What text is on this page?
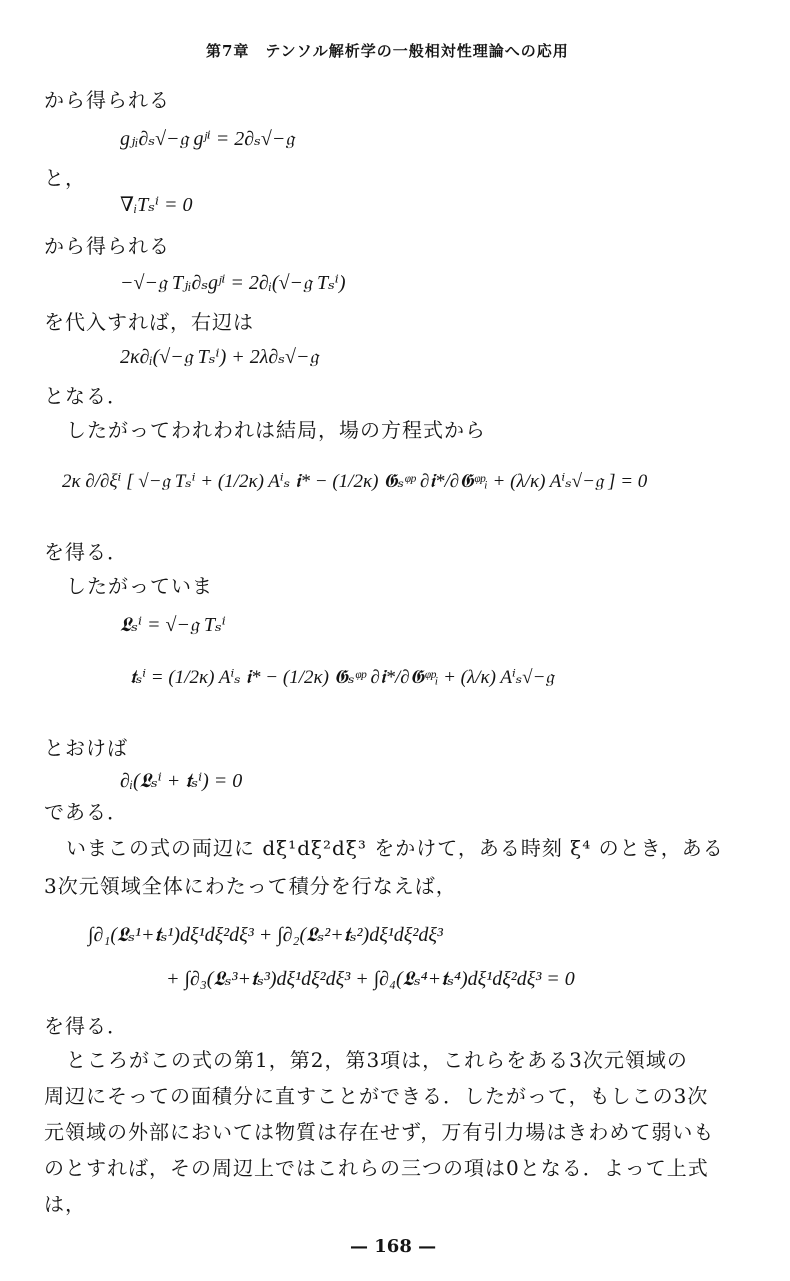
第7章　テンソル解析学の一般相対性理論への応用
から得られる
gⱼᵢ∂ₛ√−𝔤 gʲⁱ = 2∂ₛ√−𝔤
と，
∇ᵢTₛⁱ = 0
から得られる
−√−𝔤 Tⱼᵢ∂ₛgʲⁱ = 2∂ᵢ(√−𝔤 Tₛⁱ)
を代入すれば，右辺は
2κ∂ᵢ(√−𝔤 Tₛⁱ) + 2λ∂ₛ√−𝔤
となる．
したがってわれわれは結局，場の方程式から
2κ ∂/∂ξⁱ [ √−𝔤 Tₛⁱ + (1/2κ) Aⁱₛ 𝖎* − (1/2κ) 𝕲ₛᵠᵖ ∂𝖎*/∂𝕲ᵠᵖᵢ + (λ/κ) Aⁱₛ√−𝔤 ] = 0
を得る．
したがっていま
𝕷ₛⁱ = √−𝔤 Tₛⁱ
𝖙ₛⁱ = (1/2κ) Aⁱₛ 𝖎* − (1/2κ) 𝕲ₛᵠᵖ ∂𝖎*/∂𝕲ᵠᵖᵢ + (λ/κ) Aⁱₛ√−𝔤
とおけば
∂ᵢ(𝕷ₛⁱ + 𝖙ₛⁱ) = 0
である．
いまこの式の両辺に dξ¹dξ²dξ³ をかけて，ある時刻 ξ⁴ のとき，ある
3次元領域全体にわたって積分を行なえば，
∫∂₁(𝕷ₛ¹+𝖙ₛ¹)dξ¹dξ²dξ³ + ∫∂₂(𝕷ₛ²+𝖙ₛ²)dξ¹dξ²dξ³
+ ∫∂₃(𝕷ₛ³+𝖙ₛ³)dξ¹dξ²dξ³ + ∫∂₄(𝕷ₛ⁴+𝖙ₛ⁴)dξ¹dξ²dξ³ = 0
を得る．
ところがこの式の第1，第2，第3項は，これらをある3次元領域の
周辺にそっての面積分に直すことができる．したがって，もしこの3次
元領域の外部においては物質は存在せず，万有引力場はきわめて弱いも
のとすれば，その周辺上ではこれらの三つの項は0となる．よって上式
は，
— 168 —
